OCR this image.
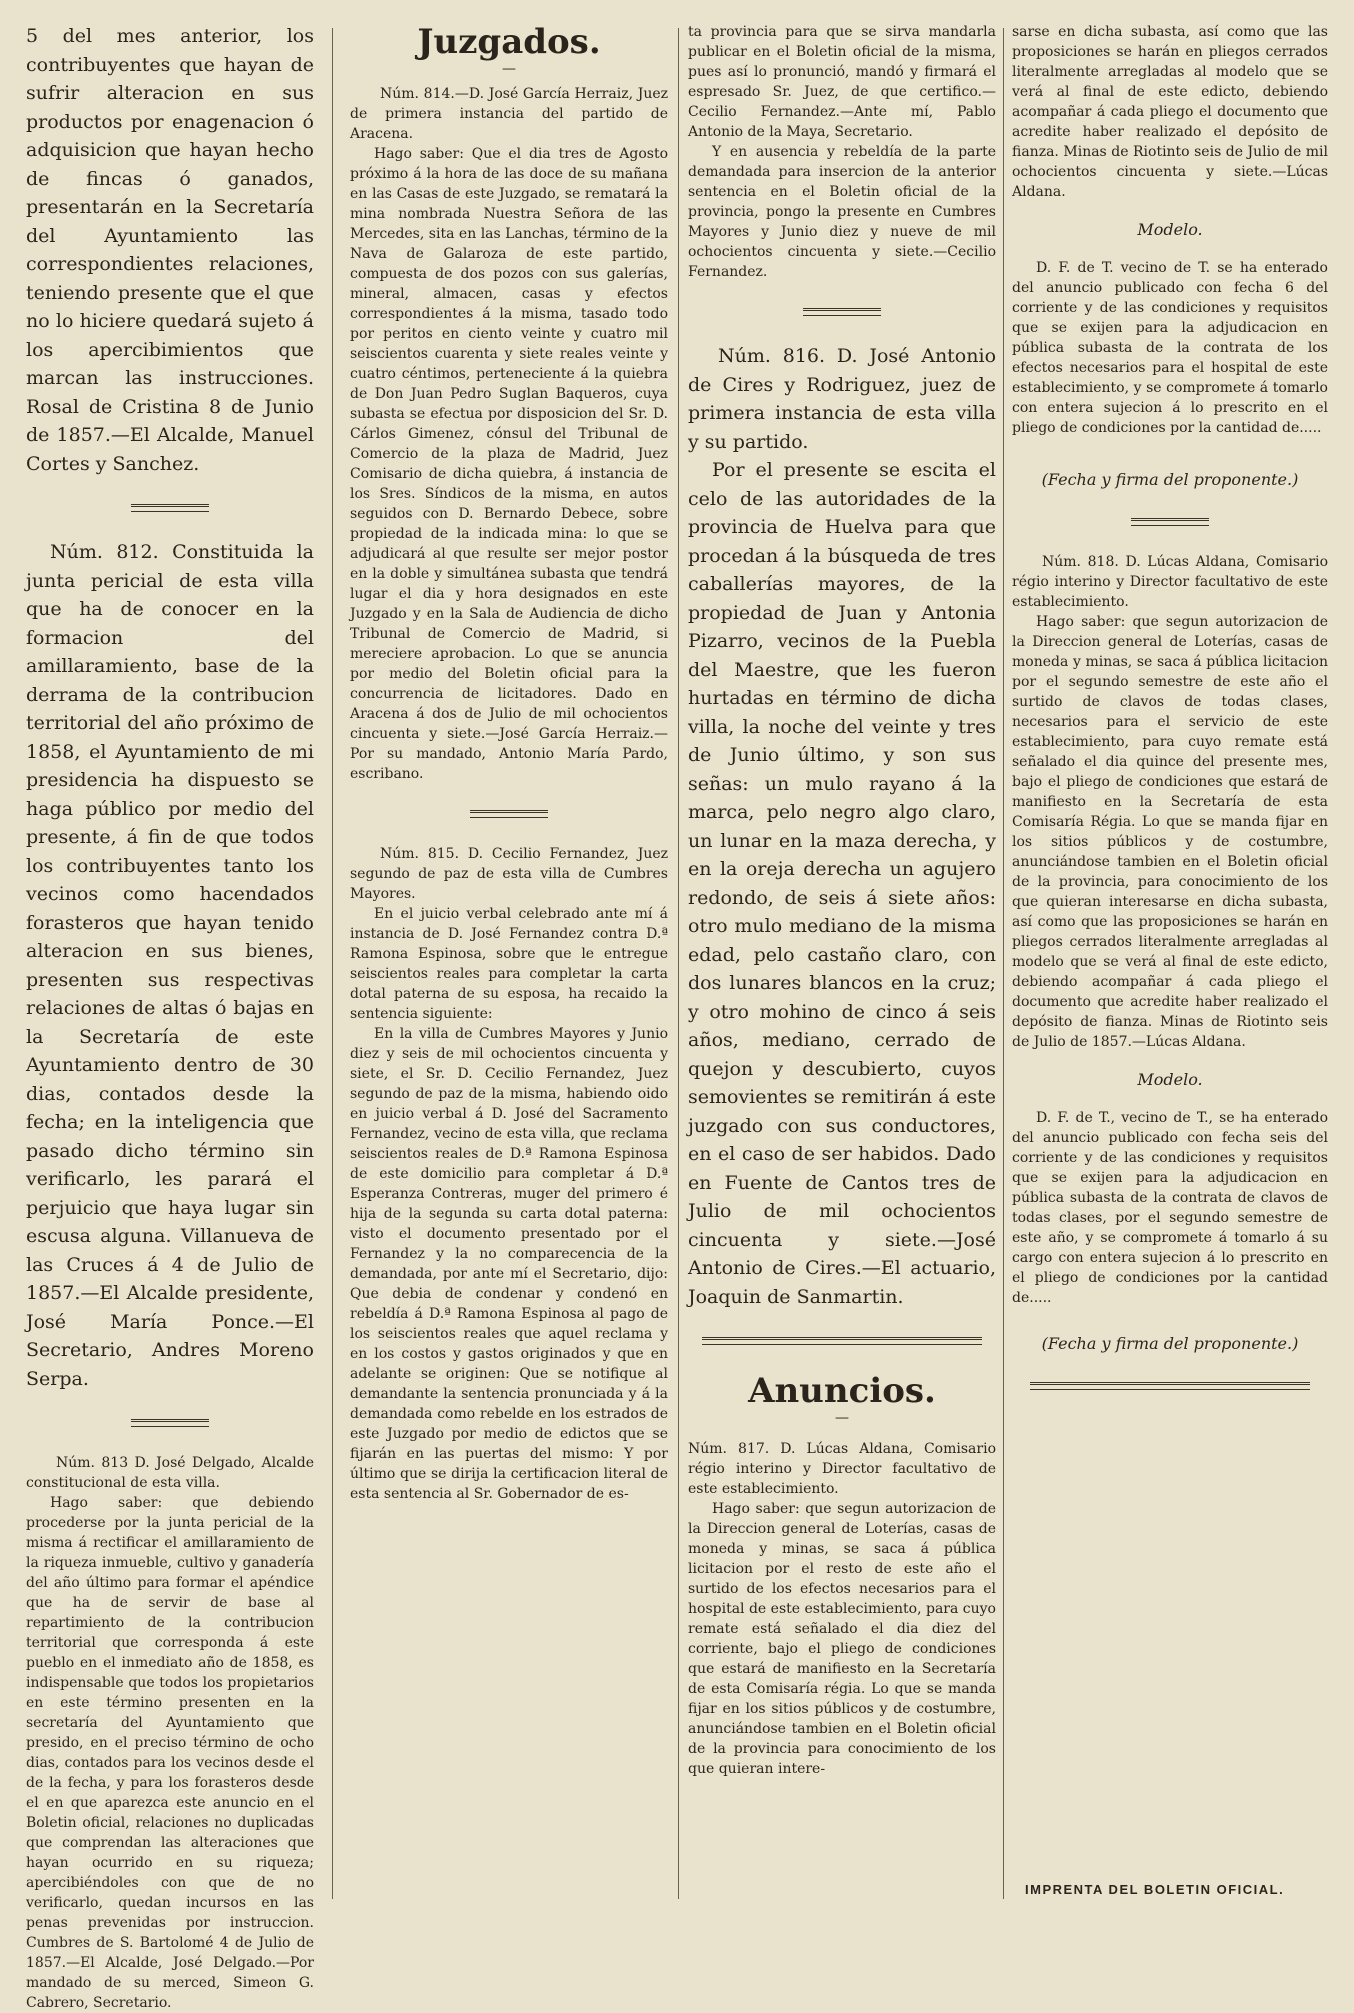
5 del mes anterior, los contribuyentes que hayan de sufrir alteracion en sus productos por enagenacion ó adquisicion que hayan hecho de fincas ó ganados, presentarán en la Secretaría del Ayuntamiento las correspondientes relaciones, teniendo presente que el que no lo hiciere quedará sujeto á los apercibimientos que marcan las instrucciones. Rosal de Cristina 8 de Junio de 1857.—El Alcalde, Manuel Cortes y Sanchez.

Núm. 812. Constituida la junta pericial de esta villa que ha de conocer en la formacion del amillaramiento, base de la derrama de la contribucion territorial del año próximo de 1858, el Ayuntamiento de mi presidencia ha dispuesto se haga público por medio del presente, á fin de que todos los contribuyentes tanto los vecinos como hacendados forasteros que hayan tenido alteracion en sus bienes, presenten sus respectivas relaciones de altas ó bajas en la Secretaría de este Ayuntamiento dentro de 30 dias, contados desde la fecha; en la inteligencia que pasado dicho término sin verificarlo, les parará el perjuicio que haya lugar sin escusa alguna. Villanueva de las Cruces á 4 de Julio de 1857.—El Alcalde presidente, José María Ponce.—El Secretario, Andres Moreno Serpa.

Núm. 813 D. José Delgado, Alcalde constitucional de esta villa.

Hago saber: que debiendo procederse por la junta pericial de la misma á rectificar el amillaramiento de la riqueza inmueble, cultivo y ganadería del año último para formar el apéndice que ha de servir de base al repartimiento de la contribucion territorial que corresponda á este pueblo en el inmediato año de 1858, es indispensable que todos los propietarios en este término presenten en la secretaría del Ayuntamiento que presido, en el preciso término de ocho dias, contados para los vecinos desde el de la fecha, y para los forasteros desde el en que aparezca este anuncio en el Boletin oficial, relaciones no duplicadas que comprendan las alteraciones que hayan ocurrido en su riqueza; apercibiéndoles con que de no verificarlo, quedan incursos en las penas prevenidas por instruccion. Cumbres de S. Bartolomé 4 de Julio de 1857.—El Alcalde, José Delgado.—Por mandado de su merced, Simeon G. Cabrero, Secretario.

Juzgados.
—

Núm. 814.—D. José García Herraiz, Juez de primera instancia del partido de Aracena.

Hago saber: Que el dia tres de Agosto próximo á la hora de las doce de su mañana en las Casas de este Juzgado, se rematará la mina nombrada Nuestra Señora de las Mercedes, sita en las Lanchas, término de la Nava de Galaroza de este partido, compuesta de dos pozos con sus galerías, mineral, almacen, casas y efectos correspondientes á la misma, tasado todo por peritos en ciento veinte y cuatro mil seiscientos cuarenta y siete reales veinte y cuatro céntimos, perteneciente á la quiebra de Don Juan Pedro Suglan Baqueros, cuya subasta se efectua por disposicion del Sr. D. Cárlos Gimenez, cónsul del Tribunal de Comercio de la plaza de Madrid, Juez Comisario de dicha quiebra, á instancia de los Sres. Síndicos de la misma, en autos seguidos con D. Bernardo Debece, sobre propiedad de la indicada mina: lo que se adjudicará al que resulte ser mejor postor en la doble y simultánea subasta que tendrá lugar el dia y hora designados en este Juzgado y en la Sala de Audiencia de dicho Tribunal de Comercio de Madrid, si mereciere aprobacion. Lo que se anuncia por medio del Boletin oficial para la concurrencia de licitadores. Dado en Aracena á dos de Julio de mil ochocientos cincuenta y siete.—José García Herraiz.—Por su mandado, Antonio María Pardo, escribano.

Núm. 815. D. Cecilio Fernandez, Juez segundo de paz de esta villa de Cumbres Mayores.

En el juicio verbal celebrado ante mí á instancia de D. José Fernandez contra D.ª Ramona Espinosa, sobre que le entregue seiscientos reales para completar la carta dotal paterna de su esposa, ha recaido la sentencia siguiente:

En la villa de Cumbres Mayores y Junio diez y seis de mil ochocientos cincuenta y siete, el Sr. D. Cecilio Fernandez, Juez segundo de paz de la misma, habiendo oido en juicio verbal á D. José del Sacramento Fernandez, vecino de esta villa, que reclama seiscientos reales de D.ª Ramona Espinosa de este domicilio para completar á D.ª Esperanza Contreras, muger del primero é hija de la segunda su carta dotal paterna: visto el documento presentado por el Fernandez y la no comparecencia de la demandada, por ante mí el Secretario, dijo: Que debia de condenar y condenó en rebeldía á D.ª Ramona Espinosa al pago de los seiscientos reales que aquel reclama y en los costos y gastos originados y que en adelante se originen: Que se notifique al demandante la sentencia pronunciada y á la demandada como rebelde en los estrados de este Juzgado por medio de edictos que se fijarán en las puertas del mismo: Y por último que se dirija la certificacion literal de esta sentencia al Sr. Gobernador de es-

ta provincia para que se sirva mandarla publicar en el Boletin oficial de la misma, pues así lo pronunció, mandó y firmará el espresado Sr. Juez, de que certifico.—Cecilio Fernandez.—Ante mí, Pablo Antonio de la Maya, Secretario.

Y en ausencia y rebeldía de la parte demandada para insercion de la anterior sentencia en el Boletin oficial de la provincia, pongo la presente en Cumbres Mayores y Junio diez y nueve de mil ochocientos cincuenta y siete.—Cecilio Fernandez.

Núm. 816. D. José Antonio de Cires y Rodriguez, juez de primera instancia de esta villa y su partido.

Por el presente se escita el celo de las autoridades de la provincia de Huelva para que procedan á la búsqueda de tres caballerías mayores, de la propiedad de Juan y Antonia Pizarro, vecinos de la Puebla del Maestre, que les fueron hurtadas en término de dicha villa, la noche del veinte y tres de Junio último, y son sus señas: un mulo rayano á la marca, pelo negro algo claro, un lunar en la maza derecha, y en la oreja derecha un agujero redondo, de seis á siete años: otro mulo mediano de la misma edad, pelo castaño claro, con dos lunares blancos en la cruz; y otro mohino de cinco á seis años, mediano, cerrado de quejon y descubierto, cuyos semovientes se remitirán á este juzgado con sus conductores, en el caso de ser habidos. Dado en Fuente de Cantos tres de Julio de mil ochocientos cincuenta y siete.—José Antonio de Cires.—El actuario, Joaquin de Sanmartin.

Anuncios.
—

Núm. 817. D. Lúcas Aldana, Comisario régio interino y Director facultativo de este establecimiento.

Hago saber: que segun autorizacion de la Direccion general de Loterías, casas de moneda y minas, se saca á pública licitacion por el resto de este año el surtido de los efectos necesarios para el hospital de este establecimiento, para cuyo remate está señalado el dia diez del corriente, bajo el pliego de condiciones que estará de manifiesto en la Secretaría de esta Comisaría régia. Lo que se manda fijar en los sitios públicos y de costumbre, anunciándose tambien en el Boletin oficial de la provincia para conocimiento de los que quieran intere-

sarse en dicha subasta, así como que las proposiciones se harán en pliegos cerrados literalmente arregladas al modelo que se verá al final de este edicto, debiendo acompañar á cada pliego el documento que acredite haber realizado el depósito de fianza. Minas de Riotinto seis de Julio de mil ochocientos cincuenta y siete.—Lúcas Aldana.

Modelo.

D. F. de T. vecino de T. se ha enterado del anuncio publicado con fecha 6 del corriente y de las condiciones y requisitos que se exijen para la adjudicacion en pública subasta de la contrata de los efectos necesarios para el hospital de este establecimiento, y se compromete á tomarlo con entera sujecion á lo prescrito en el pliego de condiciones por la cantidad de.....

(Fecha y firma del proponente.)

Núm. 818. D. Lúcas Aldana, Comisario régio interino y Director facultativo de este establecimiento.

Hago saber: que segun autorizacion de la Direccion general de Loterías, casas de moneda y minas, se saca á pública licitacion por el segundo semestre de este año el surtido de clavos de todas clases, necesarios para el servicio de este establecimiento, para cuyo remate está señalado el dia quince del presente mes, bajo el pliego de condiciones que estará de manifiesto en la Secretaría de esta Comisaría Régia. Lo que se manda fijar en los sitios públicos y de costumbre, anunciándose tambien en el Boletin oficial de la provincia, para conocimiento de los que quieran interesarse en dicha subasta, así como que las proposiciones se harán en pliegos cerrados literalmente arregladas al modelo que se verá al final de este edicto, debiendo acompañar á cada pliego el documento que acredite haber realizado el depósito de fianza. Minas de Riotinto seis de Julio de 1857.—Lúcas Aldana.

Modelo.

D. F. de T., vecino de T., se ha enterado del anuncio publicado con fecha seis del corriente y de las condiciones y requisitos que se exijen para la adjudicacion en pública subasta de la contrata de clavos de todas clases, por el segundo semestre de este año, y se compromete á tomarlo á su cargo con entera sujecion á lo prescrito en el pliego de condiciones por la cantidad de.....

(Fecha y firma del proponente.)
IMPRENTA DEL BOLETIN OFICIAL.
